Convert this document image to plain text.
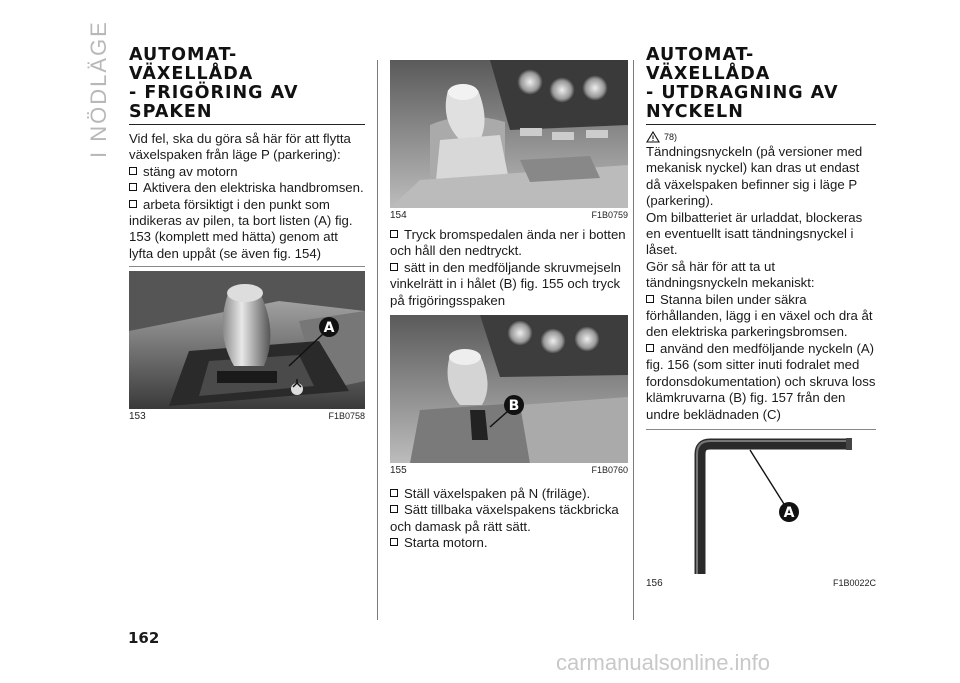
I NÖDLÄGE AUTOMAT-
VÄXELLÅDA
- FRIGÖRING AV
SPAKEN

Vid fel, ska du göra så här för att flytta växelspaken från läge P (parkering):

stäng av motorn

Aktivera den elektriska handbromsen.

arbeta försiktigt i den punkt som indikeras av pilen, ta bort listen (A) fig. 153 (komplett med hätta) genom att lyfta den uppåt (se även fig. 154)

A
153	F1B0758
154	F1B0759

Tryck bromspedalen ända ner i botten och håll den nedtryckt.

sätt in den medföljande skruvmejseln vinkelrätt in i hålet (B) fig. 155 och tryck på frigöringsspaken

B
155	F1B0760

Ställ växelspaken på N (friläge).

Sätt tillbaka växelspakens täckbricka och damask på rätt sätt.

Starta motorn.

AUTOMAT-
VÄXELLÅDA
- UTDRAGNING AV
NYCKELN
78)

Tändningsnyckeln (på versioner med mekanisk nyckel) kan dras ut endast då växelspaken befinner sig i läge P (parkering).

Om bilbatteriet är urladdat, blockeras en eventuellt isatt tändningsnyckel i låset.

Gör så här för att ta ut tändningsnyckeln mekaniskt:

Stanna bilen under säkra förhållanden, lägg i en växel och dra åt den elektriska parkeringsbromsen.

använd den medföljande nyckeln (A) fig. 156 (som sitter inuti fodralet med fordonsdokumentation) och skruva loss klämkruvarna (B) fig. 157 från den undre beklädnaden (C)

A
156	F1B0022C
162
carmanualsonline.info
